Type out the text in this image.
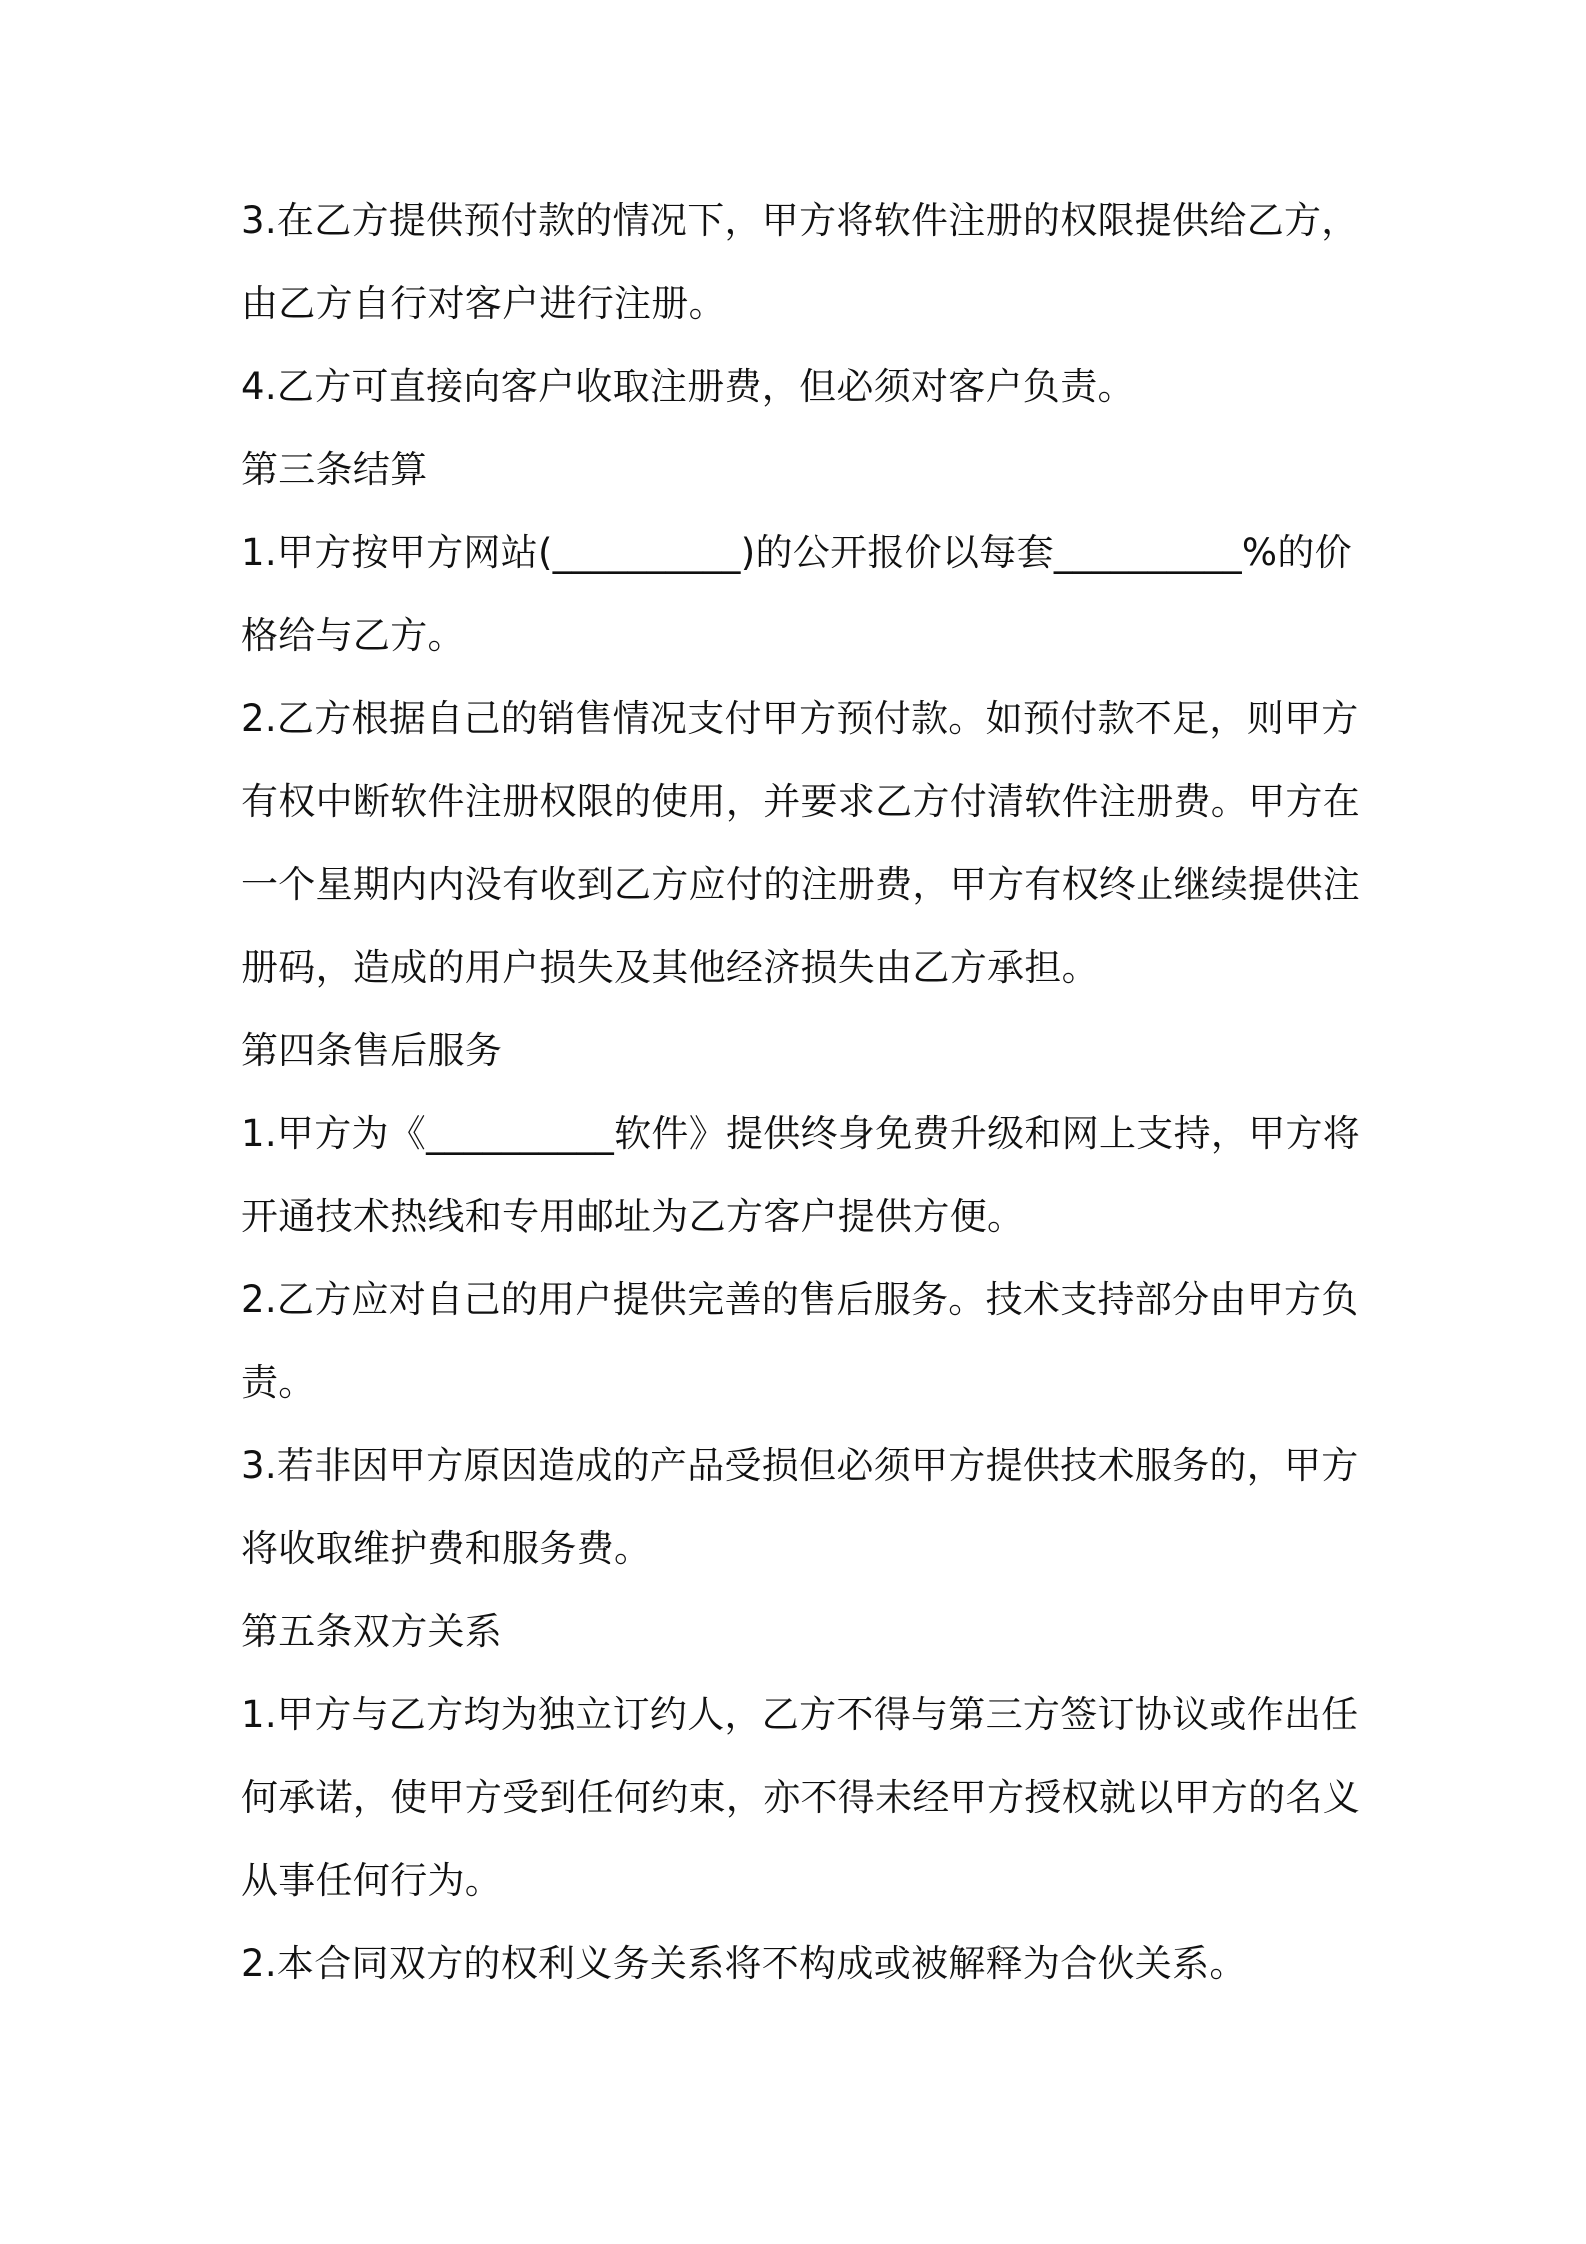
3.在乙方提供预付款的情况下，甲方将软件注册的权限提供给乙方，
由乙方自行对客户进行注册。
4.乙方可直接向客户收取注册费，但必须对客户负责。
第三条结算
1.甲方按甲方网站(__________)的公开报价以每套__________%的价
格给与乙方。
2.乙方根据自己的销售情况支付甲方预付款。如预付款不足，则甲方
有权中断软件注册权限的使用，并要求乙方付清软件注册费。甲方在
一个星期内内没有收到乙方应付的注册费，甲方有权终止继续提供注
册码，造成的用户损失及其他经济损失由乙方承担。
第四条售后服务
1.甲方为《__________软件》提供终身免费升级和网上支持，甲方将
开通技术热线和专用邮址为乙方客户提供方便。
2.乙方应对自己的用户提供完善的售后服务。技术支持部分由甲方负
责。
3.若非因甲方原因造成的产品受损但必须甲方提供技术服务的，甲方
将收取维护费和服务费。
第五条双方关系
1.甲方与乙方均为独立订约人，乙方不得与第三方签订协议或作出任
何承诺，使甲方受到任何约束，亦不得未经甲方授权就以甲方的名义
从事任何行为。
2.本合同双方的权利义务关系将不构成或被解释为合伙关系。
